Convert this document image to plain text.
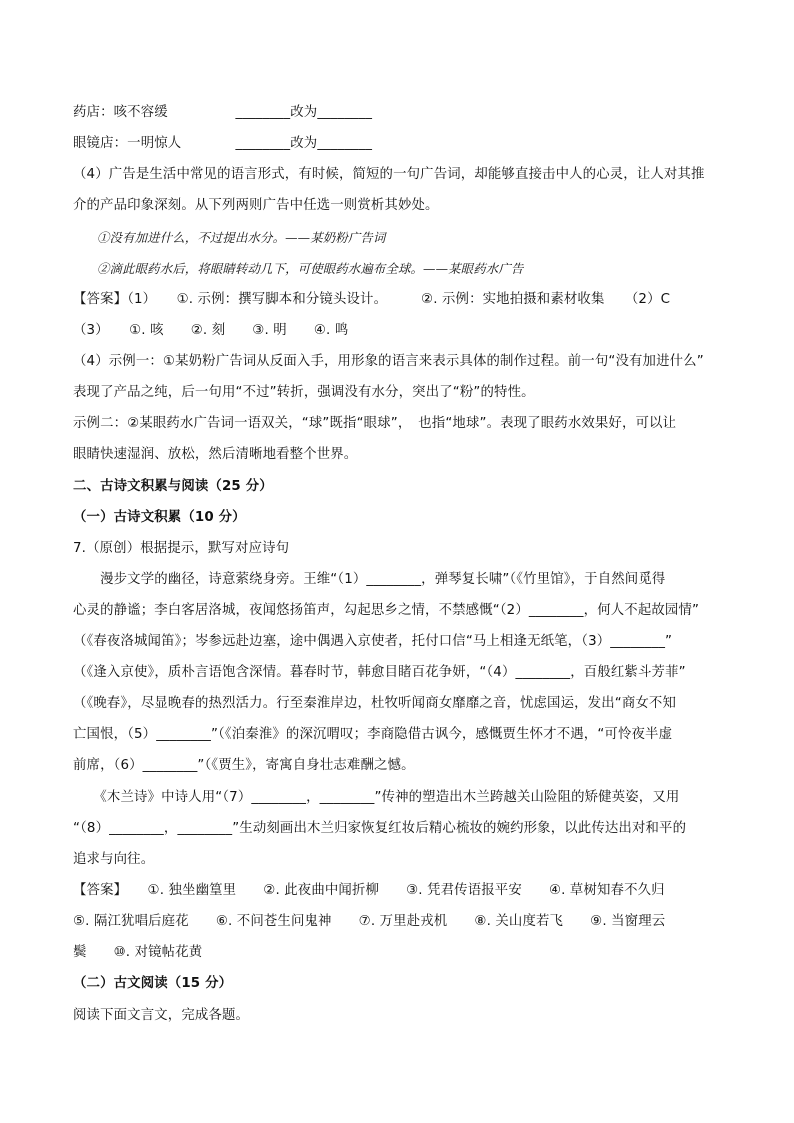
药店：咳不容缓　　　　　________改为________
眼镜店：一明惊人　　　　________改为________
（4）广告是生活中常见的语言形式，有时候，简短的一句广告词，却能够直接击中人的心灵，让人对其推
介的产品印象深刻。从下列两则广告中任选一则赏析其妙处。
①没有加进什么，不过提出水分。——某奶粉广告词
②滴此眼药水后，将眼睛转动几下，可使眼药水遍布全球。——某眼药水广告
【答案】（1）　　①. 示例：撰写脚本和分镜头设计。　　　②. 示例：实地拍摄和素材收集　　（2）C
（3）　　①. 咳　　②. 刻　　③. 明　　④. 鸣
（4）示例一：①某奶粉广告词从反面入手，用形象的语言来表示具体的制作过程。前一句“没有加进什么”
表现了产品之纯，后一句用“不过”转折，强调没有水分，突出了“粉”的特性。
示例二：②某眼药水广告词一语双关，“球”既指“眼球”，　也指“地球”。表现了眼药水效果好，可以让
眼睛快速湿润、放松，然后清晰地看整个世界。
二、古诗文积累与阅读（25 分）
（一）古诗文积累（10 分）
7.（原创）根据提示，默写对应诗句
　　漫步文学的幽径，诗意萦绕身旁。王维“（1）________，弹琴复长啸”（《竹里馆》，于自然间觅得
心灵的静谧；李白客居洛城，夜闻悠扬笛声，勾起思乡之情，不禁感慨“（2）________，何人不起故园情”
（《春夜洛城闻笛》；岑参远赴边塞，途中偶遇入京使者，托付口信“马上相逢无纸笔，（3）________”
（《逢入京使》，质朴言语饱含深情。暮春时节，韩愈目睹百花争妍，“（4）________，百般红紫斗芳菲”
（《晚春》，尽显晚春的热烈活力。行至秦淮岸边，杜牧听闻商女靡靡之音，忧虑国运，发出“商女不知
亡国恨，（5）________”（《泊秦淮》的深沉喟叹；李商隐借古讽今，感慨贾生怀才不遇，“可怜夜半虚
前席，（6）________”（《贾生》，寄寓自身壮志难酬之憾。
　　《木兰诗》中诗人用“（7）________，________”传神的塑造出木兰跨越关山险阻的矫健英姿，又用
“（8）________，________”生动刻画出木兰归家恢复红妆后精心梳妆的婉约形象，以此传达出对和平的
追求与向往。
【答案】　　①. 独坐幽篁里　　②. 此夜曲中闻折柳　　③. 凭君传语报平安　　④. 草树知春不久归
⑤. 隔江犹唱后庭花　　⑥. 不问苍生问鬼神　　⑦. 万里赴戎机　　⑧. 关山度若飞　　⑨. 当窗理云
鬓　　⑩. 对镜帖花黄
（二）古文阅读（15 分）
阅读下面文言文，完成各题。
